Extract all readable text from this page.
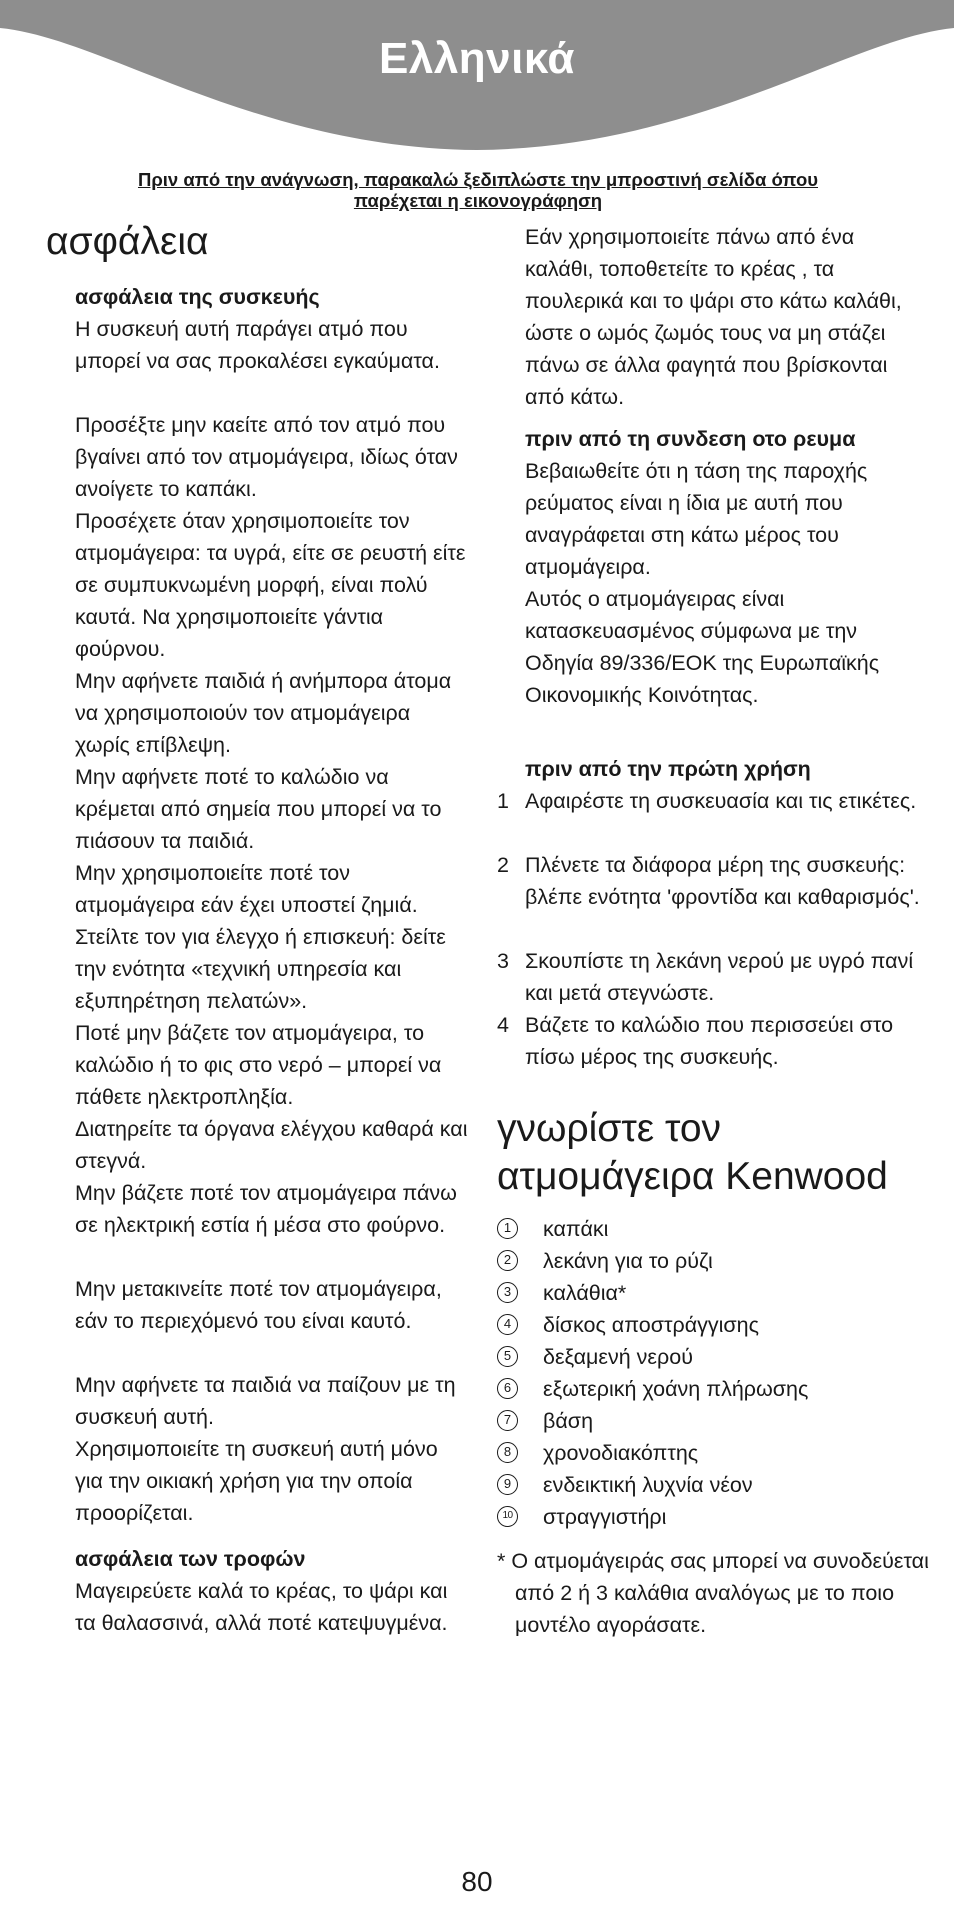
Ελληνικά
Πριν από την ανάγνωση, παρακαλώ ξεδιπλώστε την μπροστινή σελίδα όπου
παρέχεται η εικονογράφηση
ασφάλεια
ασφάλεια της συσκευής

Η συσκευή αυτή παράγει ατμό που μπορεί να σας προκαλέσει εγκαύματα.

Προσέξτε μην καείτε από τον ατμό που βγαίνει από τον ατμομάγειρα, ιδίως όταν ανοίγετε το καπάκι.

Προσέχετε όταν χρησιμοποιείτε τον ατμομάγειρα: τα υγρά, είτε σε ρευστή είτε σε συμπυκνωμένη μορφή, είναι πολύ καυτά. Να χρησιμοποιείτε γάντια φούρνου.

Μην αφήνετε παιδιά ή ανήμπορα άτομα να χρησιμοποιούν τον ατμομάγειρα χωρίς επίβλεψη.

Μην αφήνετε ποτέ το καλώδιο να κρέμεται από σημεία που μπορεί να το πιάσουν τα παιδιά.

Μην χρησιμοποιείτε ποτέ τον ατμομάγειρα εάν έχει υποστεί ζημιά. Στείλτε τον για έλεγχο ή επισκευή: δείτε την ενότητα «τεχνική υπηρεσία και εξυπηρέτηση πελατών».

Ποτέ μην βάζετε τον ατμομάγειρα, το καλώδιο ή το φις στο νερό – μπορεί να πάθετε ηλεκτροπληξία.

Διατηρείτε τα όργανα ελέγχου καθαρά και στεγνά.

Μην βάζετε ποτέ τον ατμομάγειρα πάνω σε ηλεκτρική εστία ή μέσα στο φούρνο.

Μην μετακινείτε ποτέ τον ατμομάγειρα, εάν το περιεχόμενό του είναι καυτό.

Μην αφήνετε τα παιδιά να παίζουν με τη συσκευή αυτή.

Χρησιμοποιείτε τη συσκευή αυτή μόνο για την οικιακή χρήση για την οποία προορίζεται.

ασφάλεια των τροφών

Μαγειρεύετε καλά το κρέας, το ψάρι και τα θαλασσινά, αλλά ποτέ κατεψυγμένα.

Εάν χρησιμοποιείτε πάνω από ένα καλάθι, τοποθετείτε το κρέας , τα πουλερικά και το ψάρι στο κάτω καλάθι, ώστε ο ωμός ζωμός τους να μη στάζει πάνω σε άλλα φαγητά που βρίσκονται από κάτω.

πριν από τη συνδεση οτο ρευμα

Βεβαιωθείτε ότι η τάση της παροχής ρεύματος είναι η ίδια με αυτή που αναγράφεται στη κάτω μέρος του ατμομάγειρα.

Αυτός ο ατμομάγειρας είναι κατασκευασμένος σύμφωνα με την Οδηγία 89/336/ΕΟΚ της Ευρωπαϊκής Οικονομικής Κοινότητας.

πριν από την πρώτη χρήση
1 Αφαιρέστε τη συσκευασία και τις ετικέτες.
2 Πλένετε τα διάφορα μέρη της συσκευής: βλέπε ενότητα 'φροντίδα και καθαρισμός'.
3 Σκουπίστε τη λεκάνη νερού με υγρό πανί και μετά στεγνώστε.
4 Βάζετε το καλώδιο που περισσεύει στο πίσω μέρος της συσκευής.
γνωρίστε τον
ατμομάγειρα Kenwood
1	καπάκι
2	λεκάνη για το ρύζι
3	καλάθια*
4	δίσκος αποστράγγισης
5	δεξαμενή νερού
6	εξωτερική χοάνη πλήρωσης
7	βάση
8	χρονοδιακόπτης
9	ενδεικτική λυχνία νέον
10 στραγγιστήρι
* Ο ατμομάγειράς σας μπορεί να συνοδεύεται από 2 ή 3 καλάθια αναλόγως με το ποιο μοντέλο αγοράσατε.
80
